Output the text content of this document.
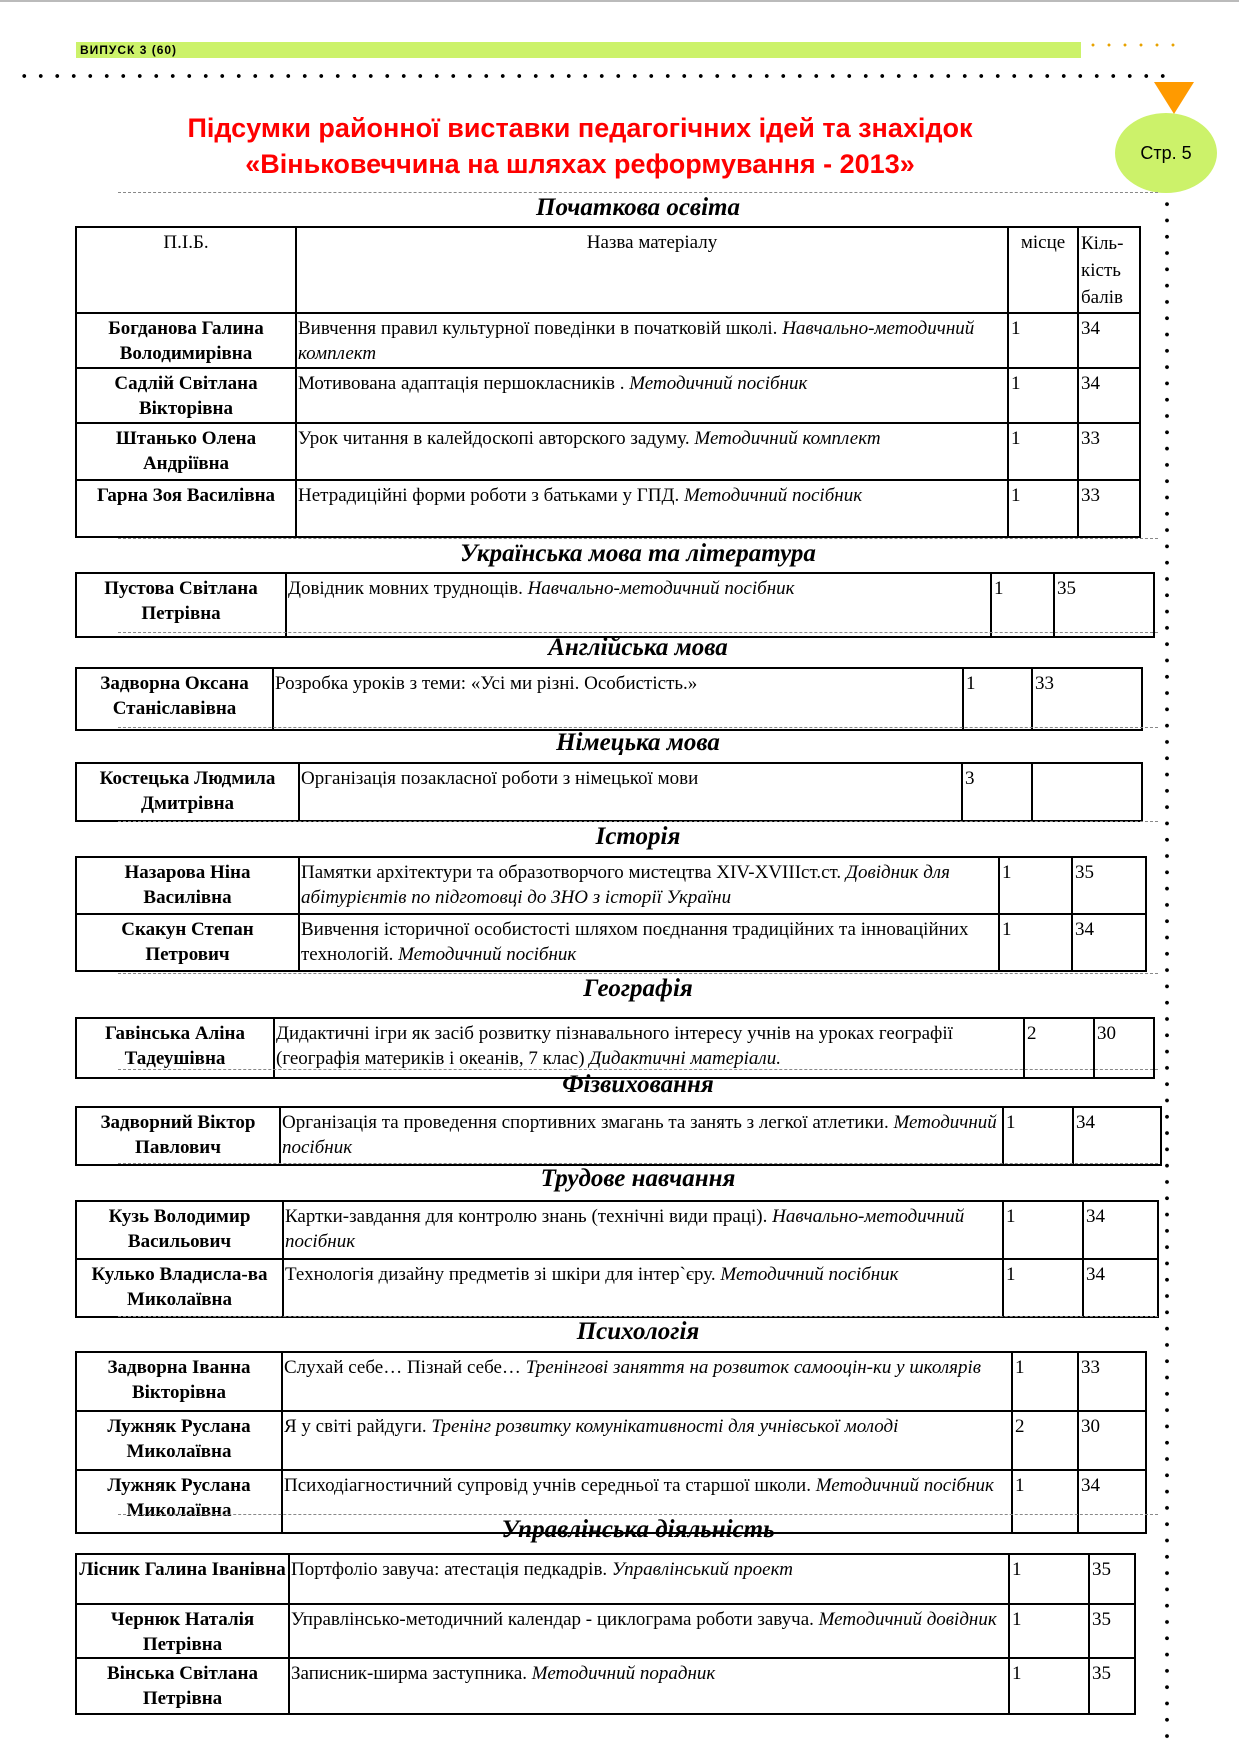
ВИПУСК 3 (60)
Стр. 5
Підсумки районної виставки педагогічних ідей та знахідок
«Віньковеччина на шляхах реформування - 2013»
Початкова освіта
П.І.Б.	Назва матеріалу	місце	Кіль-кість балів
Богданова Галина Володимирівна	Вивчення правил культурної поведінки в початковій школі. Навчально-методичний комплект	1	34
Садлій Світлана Вікторівна	Мотивована адаптація першокласників . Методичний посібник	1	34
Штанько Олена Андріївна	Урок читання в калейдоскопі авторского задуму. Методичний комплект	1	33
Гарна Зоя Василівна	Нетрадиційні форми роботи з батьками у ГПД. Методичний посібник	1	33
Українська мова та література
Пустова Світлана Петрівна	Довідник мовних труднощів. Навчально-методичний посібник	1	35
Англійська мова
Задворна Оксана Станіславівна	Розробка уроків з теми: «Усі ми різні. Особистість.»	1	33
Німецька мова
Костецька Людмила Дмитрівна	Організація позакласної роботи з німецької мови	3	
Історія
Назарова Ніна Василівна	Памятки архітектури та образотворчого мистецтва XIV-XVIIIст.ст. Довідник для абітурієнтів по підготовці до ЗНО з історії України	1	35
Скакун Степан Петрович	Вивчення історичної особистості шляхом поєднання традиційних та інноваційних технологій. Методичний посібник	1	34
Географія
Гавінська Аліна Тадеушівна	Дидактичні ігри як засіб розвитку пізнавального інтересу учнів на уроках географії (географія материків і океанів, 7 клас) Дидактичні матеріали.	2	30
Фізвиховання
Задворний Віктор Павлович	Організація та проведення спортивних змагань та занять з легкої атлетики. Методичний посібник	1	34
Трудове навчання
Кузь Володимир Васильович	Картки-завдання для контролю знань (технічні види праці). Навчально-методичний посібник	1	34
Кулько Владисла-ва Миколаївна	Технологія дизайну предметів зі шкіри для інтер`єру. Методичний посібник	1	34
Психологія
Задворна Іванна Вікторівна	Слухай себе… Пізнай себе… Тренінгові заняття на розвиток самооцін-ки у школярів	1	33
Лужняк Руслана Миколаївна	Я у світі райдуги. Тренінг розвитку комунікативності для учнівської молоді	2	30
Лужняк Руслана Миколаївна	Психодіагностичний супровід учнів середньої та старшої школи. Методичний посібник	1	34
Управлінська діяльність
Лісник Галина Іванівна	Портфоліо завуча: атестація педкадрів. Управлінський проект	1	35
Чернюк Наталія Петрівна	Управлінсько-методичний календар - циклограма роботи завуча. Методичний довідник	1	35
Вінська Світлана Петрівна	Записник-ширма заступника. Методичний порадник	1	35
